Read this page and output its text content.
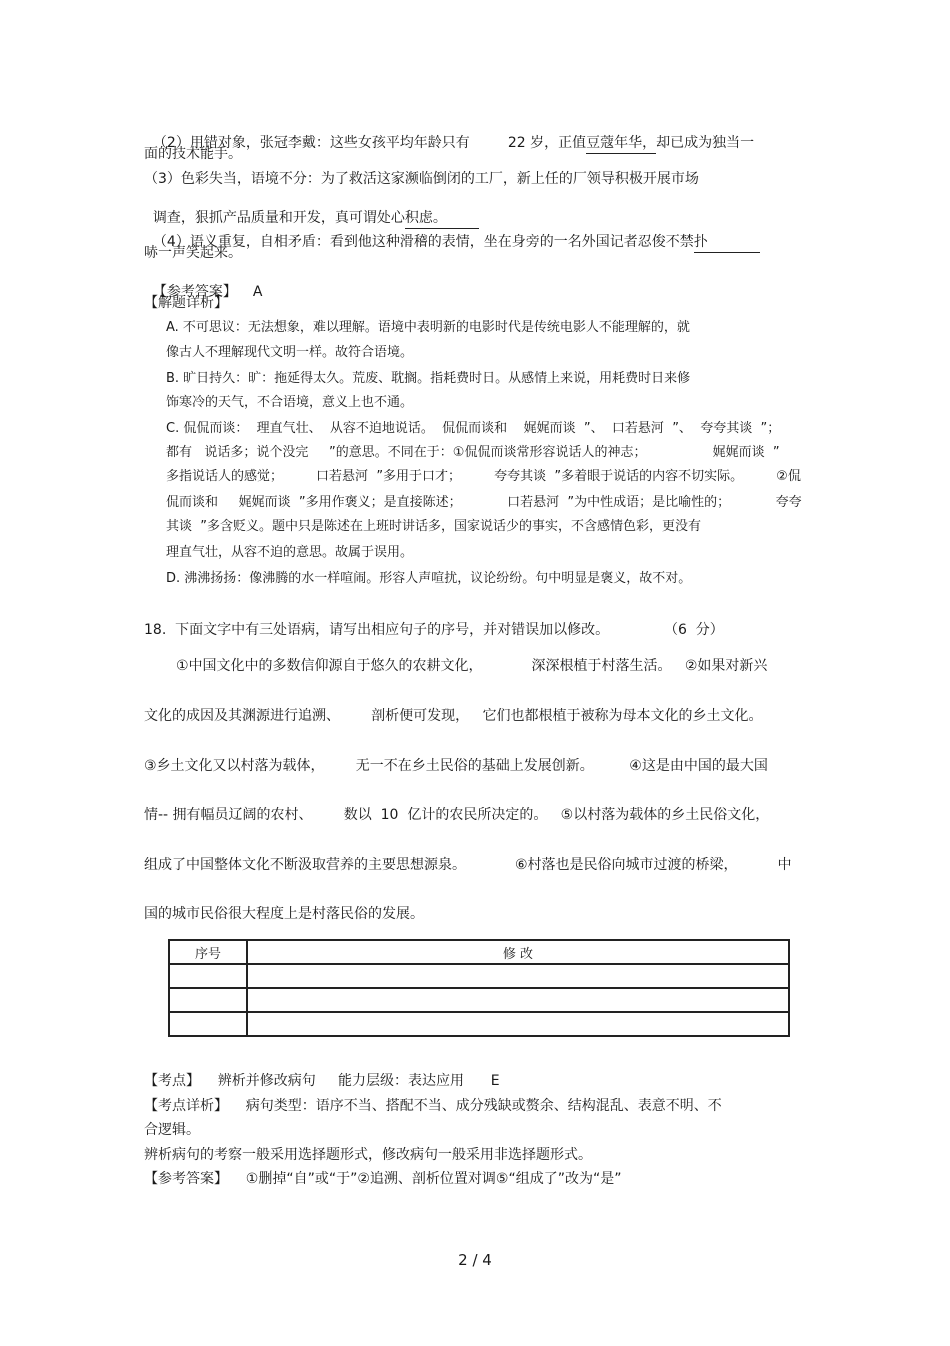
（2）用错对象，张冠李戴：这些女孩平均年龄只有	22 岁，正值豆蔻年华，却已成为独当一

面的技术能手。
（3）色彩失当，语境不分：为了救活这家濒临倒闭的工厂，新上任的厂领导积极开展市场

调查，狠抓产品质量和开发，真可谓处心积虑。

（4）语义重复，自相矛盾：看到他这种滑稽的表情，坐在身旁的一名外国记者忍俊不禁扑

哧一声笑起来。

【参考答案】 A

【解题详析】
A. 不可思议：无法想象，难以理解。语境中表明新的电影时代是传统电影人不能理解的，就
像古人不理解现代文明一样。故符合语境。
B. 旷日持久：旷：拖延得太久。荒废、耽搁。指耗费时日。从感情上来说，用耗费时日来修
饰寒冷的天气，不合语境，意义上也不通。
C. 侃侃而谈：  理直气壮、  从容不迫地说话。  侃侃而谈和    娓娓而谈  ”、  口若悬河  ”、  夸夸其谈  ”；
都有   说话多；说个没完     ”的意思。不同在于：①侃侃而谈常形容说话人的神志；                娓娓而谈  ”
多指说话人的感觉；        口若悬河  ”多用于口才；        夸夸其谈  ”多着眼于说话的内容不切实际。        ②侃
侃而谈和     娓娓而谈  ”多用作褒义；是直接陈述；           口若悬河  ”为中性成语；是比喻性的；           夸夸
其谈  ”多含贬义。题中只是陈述在上班时讲话多，国家说话少的事实，不含感情色彩，更没有
理直气壮，从容不迫的意思。故属于误用。
D. 沸沸扬扬：像沸腾的水一样喧闹。形容人声喧扰，议论纷纷。句中明显是褒义，故不对。
18.  下面文字中有三处语病，请写出相应句子的序号，并对错误加以修改。	（6  分）
①中国文化中的多数信仰源自于悠久的农耕文化，           深深根植于村落生活。   ②如果对新兴
文化的成因及其渊源进行追溯、       剖析便可发现，   它们也都根植于被称为母本文化的乡土文化。
③乡土文化又以村落为载体，       无一不在乡土民俗的基础上发展创新。        ④这是由中国的最大国
情-- 拥有幅员辽阔的农村、       数以  10  亿计的农民所决定的。   ⑤以村落为载体的乡土民俗文化，
组成了中国整体文化不断汲取营养的主要思想源泉。           ⑥村落也是民俗向城市过渡的桥梁，         中
国的城市民俗很大程度上是村落民俗的发展。
序号	修 改

【考点】    辨析并修改病句     能力层级：表达应用      E
【考点详析】    病句类型：语序不当、搭配不当、成分残缺或赘余、结构混乱、表意不明、不
合逻辑。
辨析病句的考察一般采用选择题形式，修改病句一般采用非选择题形式。
【参考答案】    ①删掉“自”或“于”②追溯、剖析位置对调⑤“组成了”改为“是”
2 / 4
